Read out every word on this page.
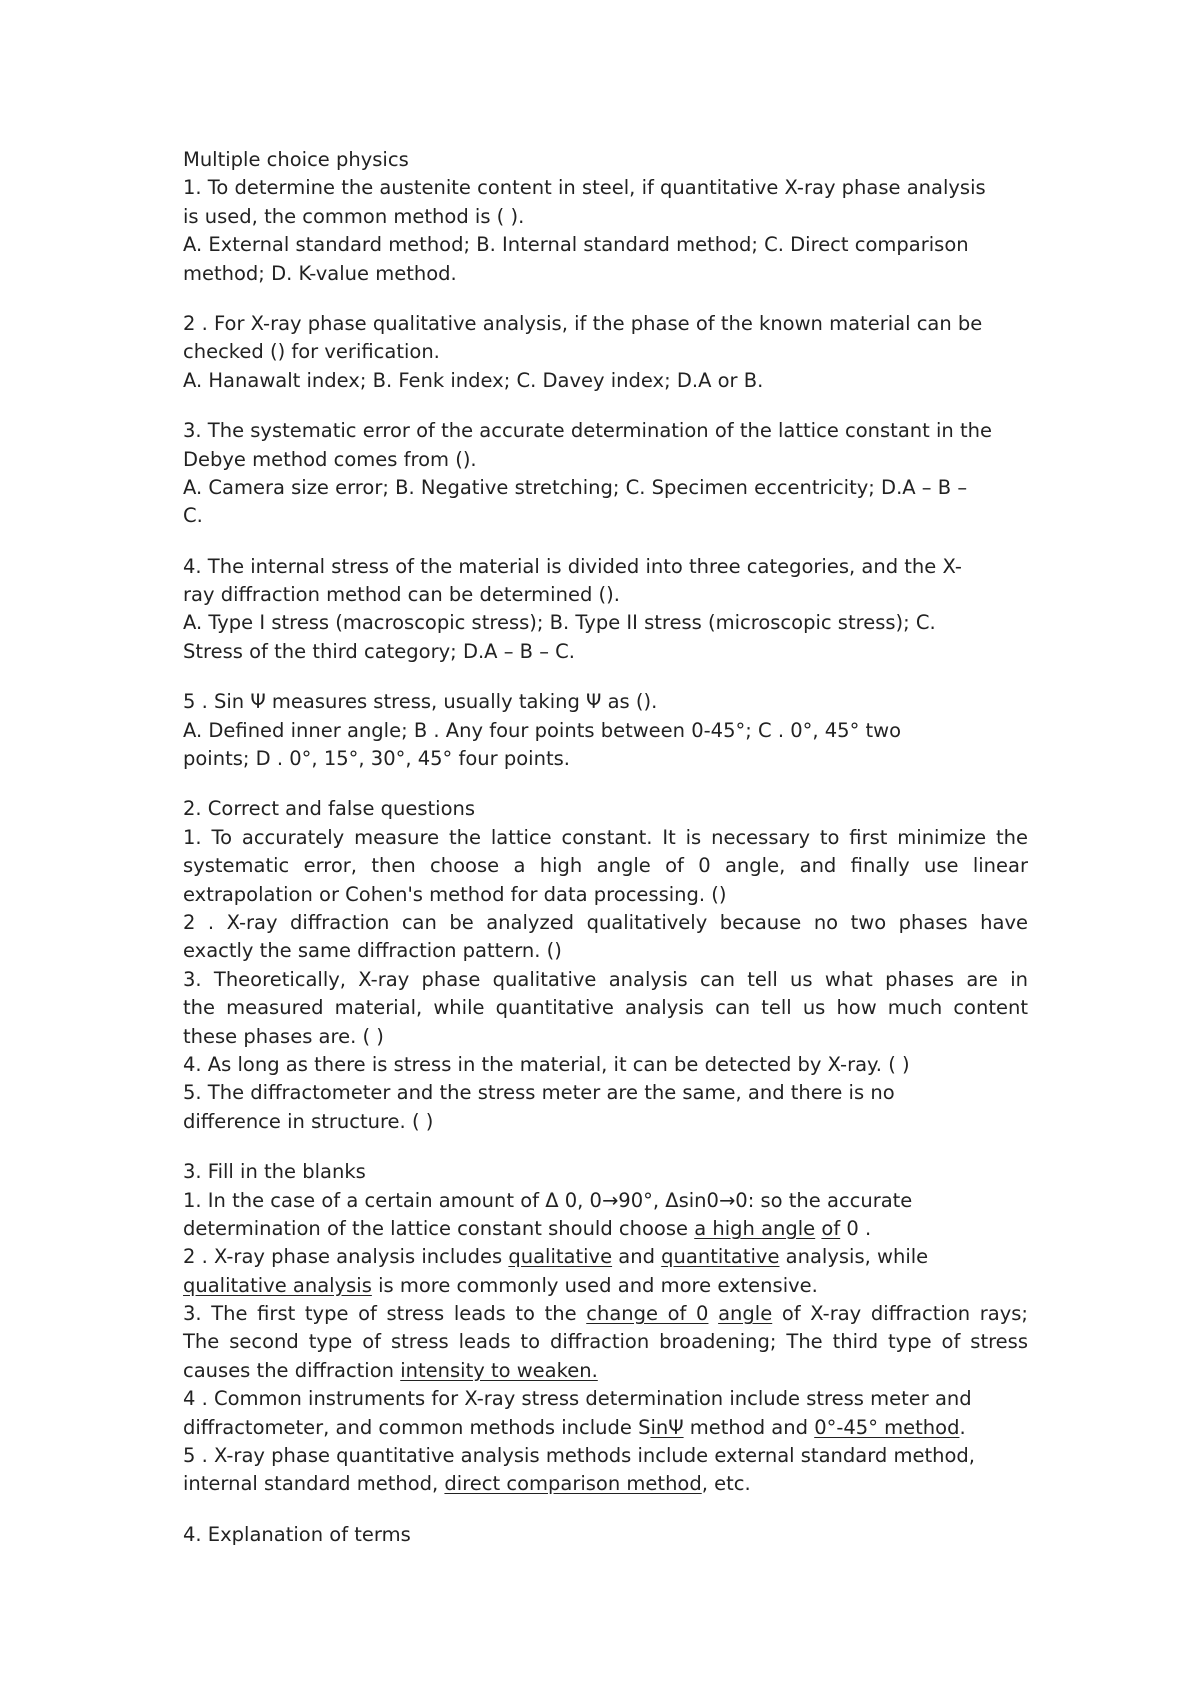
Multiple choice physics
1. To determine the austenite content in steel, if quantitative X-ray phase analysis
is used, the common method is ( ).
A. External standard method; B. Internal standard method; C. Direct comparison
method; D. K-value method.
2 . For X-ray phase qualitative analysis, if the phase of the known material can be
checked () for verification.
A. Hanawalt index; B. Fenk index; C. Davey index; D.A or B.
3. The systematic error of the accurate determination of the lattice constant in the
Debye method comes from ().
A. Camera size error; B. Negative stretching; C. Specimen eccentricity; D.A – B –
C.
4. The internal stress of the material is divided into three categories, and the X-
ray diffraction method can be determined ().
A. Type I stress (macroscopic stress); B. Type II stress (microscopic stress); C.
Stress of the third category; D.A – B – C.
5 . Sin Ψ measures stress, usually taking Ψ as ().
A. Defined inner angle; B . Any four points between 0-45°; C . 0°, 45° two
points; D . 0°, 15°, 30°, 45° four points.
2. Correct and false questions
1. To accurately measure the lattice constant. It is necessary to first minimize the
systematic error, then choose a high angle of 0 angle, and finally use linear
extrapolation or Cohen's method for data processing. ()
2 . X-ray diffraction can be analyzed qualitatively because no two phases have
exactly the same diffraction pattern. ()
3. Theoretically, X-ray phase qualitative analysis can tell us what phases are in
the measured material, while quantitative analysis can tell us how much content
these phases are. ( )
4. As long as there is stress in the material, it can be detected by X-ray. ( )
5. The diffractometer and the stress meter are the same, and there is no
difference in structure. ( )
3. Fill in the blanks
1. In the case of a certain amount of Δ 0, 0→90°, Δsin0→0: so the accurate
determination of the lattice constant should choose a high angle of 0 .
2 . X-ray phase analysis includes qualitative and quantitative analysis, while
qualitative analysis is more commonly used and more extensive.
3. The first type of stress leads to the change of 0 angle of X-ray diffraction rays;
The second type of stress leads to diffraction broadening; The third type of stress
causes the diffraction intensity to weaken.
4 . Common instruments for X-ray stress determination include stress meter and
diffractometer, and common methods include SinΨ method and 0°-45° method.
5 . X-ray phase quantitative analysis methods include external standard method,
internal standard method, direct comparison method, etc.
4. Explanation of terms
